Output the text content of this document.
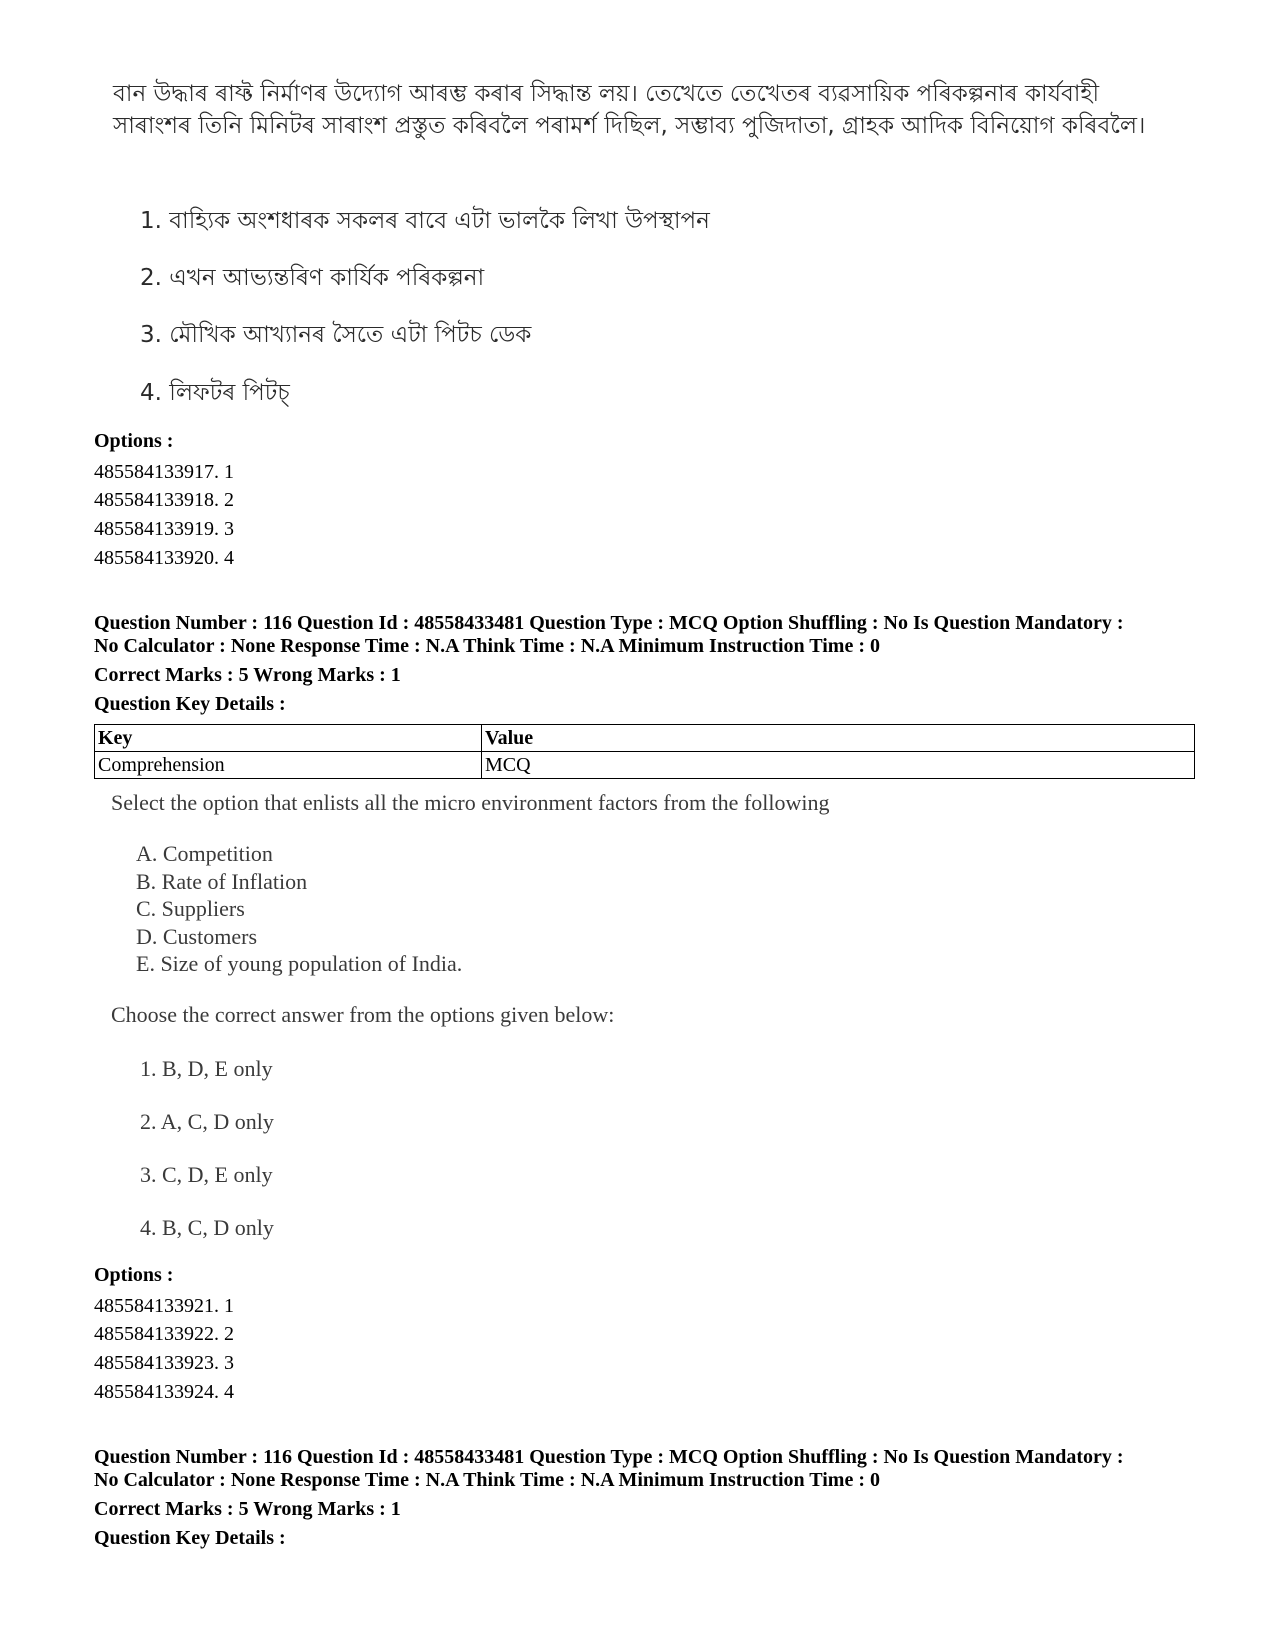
বান উদ্ধাৰ ৰাফ্ট নিৰ্মাণৰ উদ্যোগ আৰম্ভ কৰাৰ সিদ্ধান্ত লয়। তেখেতে তেখেতৰ ব্যৱসায়িক পৰিকল্পনাৰ কাৰ্যবাহী সাৰাংশৰ তিনি মিনিটৰ সাৰাংশ প্ৰস্তুত কৰিবলৈ পৰামৰ্শ দিছিল, সম্ভাব্য পুজিদাতা, গ্ৰাহক আদিক বিনিয়োগ কৰিবলৈ।
1. বাহ্যিক অংশধাৰক সকলৰ বাবে এটা ভালকৈ লিখা উপস্থাপন
2. এখন আভ্যন্তৰিণ কাৰ্যিক পৰিকল্পনা
3. মৌখিক আখ্যানৰ সৈতে এটা পিটচ ডেক
4. লিফটৰ পিটচ্
Options :
485584133917. 1
485584133918. 2
485584133919. 3
485584133920. 4
Question Number : 116 Question Id : 48558433481 Question Type : MCQ Option Shuffling : No Is Question Mandatory :
No Calculator : None Response Time : N.A Think Time : N.A Minimum Instruction Time : 0
Correct Marks : 5 Wrong Marks : 1
Question Key Details :
Key	Value
Comprehension	MCQ
Select the option that enlists all the micro environment factors from the following
A. Competition
B. Rate of Inflation
C. Suppliers
D. Customers
E. Size of young population of India.
Choose the correct answer from the options given below:
1. B, D, E only
2. A, C, D only
3. C, D, E only
4. B, C, D only
Options :
485584133921. 1
485584133922. 2
485584133923. 3
485584133924. 4
Question Number : 116 Question Id : 48558433481 Question Type : MCQ Option Shuffling : No Is Question Mandatory :
No Calculator : None Response Time : N.A Think Time : N.A Minimum Instruction Time : 0
Correct Marks : 5 Wrong Marks : 1
Question Key Details :
